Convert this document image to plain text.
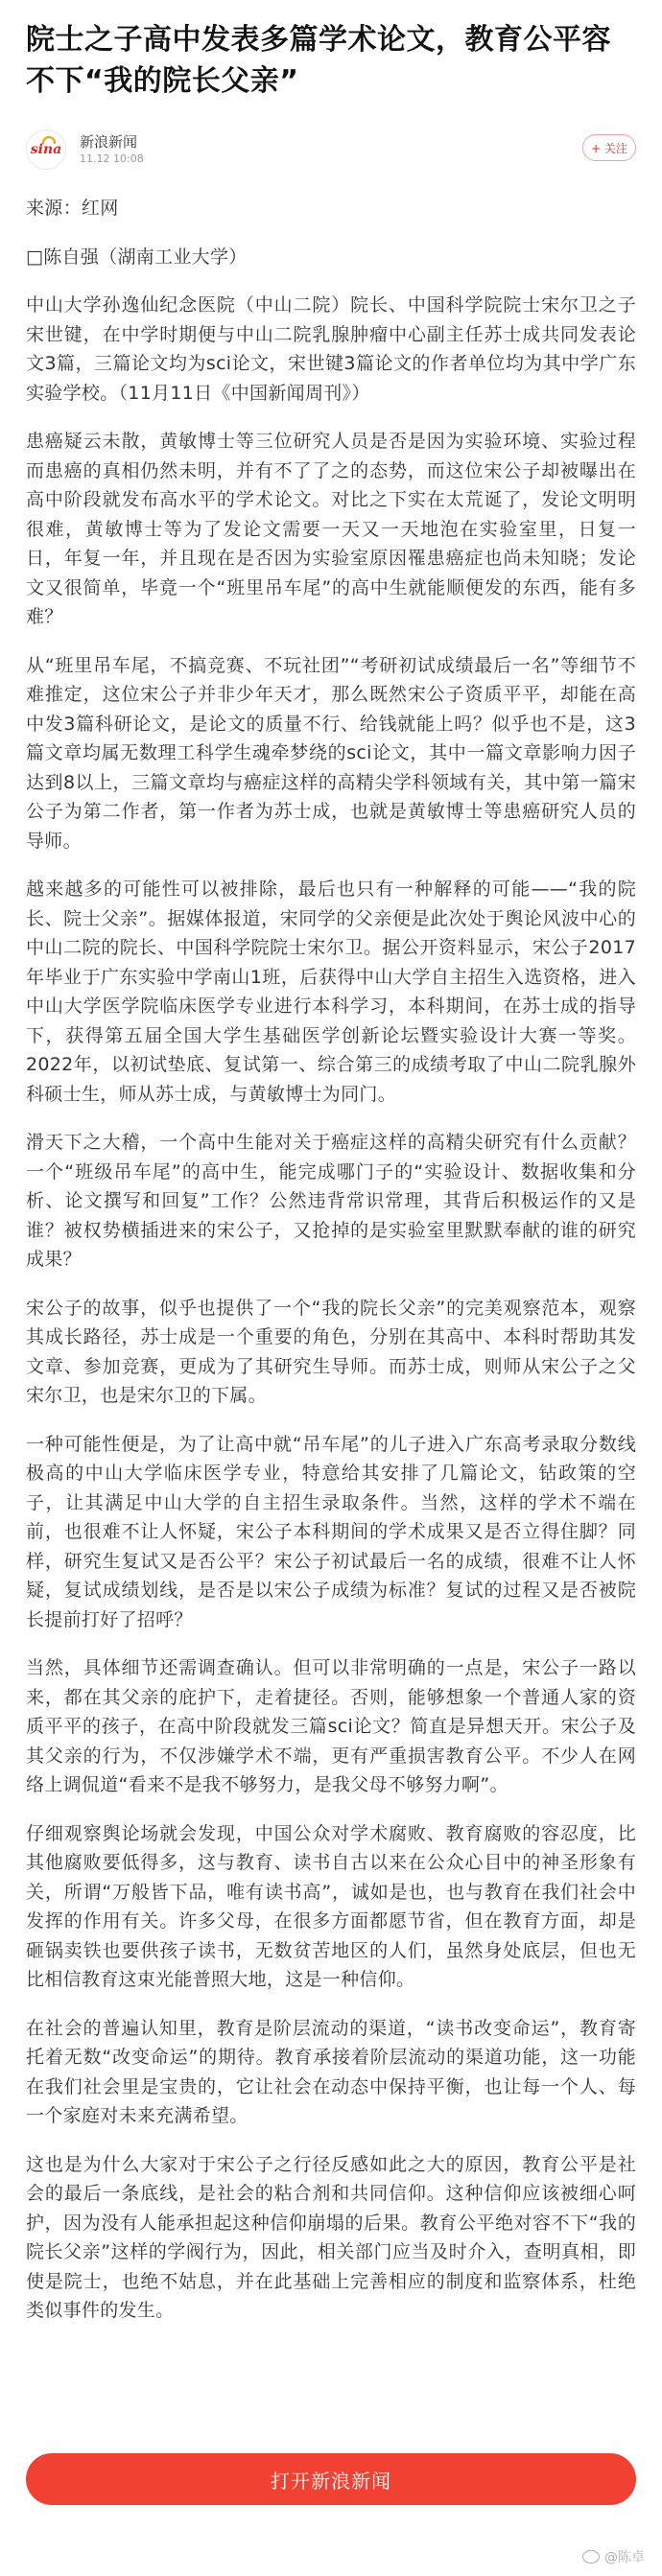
院士之子高中发表多篇学术论文，教育公平容不下“我的院长父亲”
sina 新浪新闻
11.12 10:08
+ 关注

来源：红网

□陈自强（湖南工业大学）

中山大学孙逸仙纪念医院（中山二院）院长、中国科学院院士宋尔卫之子宋世键，在中学时期便与中山二院乳腺肿瘤中心副主任苏士成共同发表论文3篇，三篇论文均为sci论文，宋世键3篇论文的作者单位均为其中学广东实验学校。（11月11日《中国新闻周刊》）

患癌疑云未散，黄敏博士等三位研究人员是否是因为实验环境、实验过程而患癌的真相仍然未明，并有不了了之的态势，而这位宋公子却被曝出在高中阶段就发布高水平的学术论文。对比之下实在太荒诞了，发论文明明很难，黄敏博士等为了发论文需要一天又一天地泡在实验室里，日复一日，年复一年，并且现在是否因为实验室原因罹患癌症也尚未知晓；发论文又很简单，毕竟一个“班里吊车尾”的高中生就能顺便发的东西，能有多难？

从“班里吊车尾，不搞竞赛、不玩社团”“考研初试成绩最后一名”等细节不难推定，这位宋公子并非少年天才，那么既然宋公子资质平平，却能在高中发3篇科研论文，是论文的质量不行、给钱就能上吗？似乎也不是，这3篇文章均属无数理工科学生魂牵梦绕的sci论文，其中一篇文章影响力因子达到8以上，三篇文章均与癌症这样的高精尖学科领域有关，其中第一篇宋公子为第二作者，第一作者为苏士成，也就是黄敏博士等患癌研究人员的导师。

越来越多的可能性可以被排除，最后也只有一种解释的可能——“我的院长、院士父亲”。据媒体报道，宋同学的父亲便是此次处于舆论风波中心的中山二院的院长、中国科学院院士宋尔卫。据公开资料显示，宋公子2017年毕业于广东实验中学南山1班，后获得中山大学自主招生入选资格，进入中山大学医学院临床医学专业进行本科学习，本科期间，在苏士成的指导下，获得第五届全国大学生基础医学创新论坛暨实验设计大赛一等奖。2022年，以初试垫底、复试第一、综合第三的成绩考取了中山二院乳腺外科硕士生，师从苏士成，与黄敏博士为同门。

滑天下之大稽，一个高中生能对关于癌症这样的高精尖研究有什么贡献？一个“班级吊车尾”的高中生，能完成哪门子的“实验设计、数据收集和分析、论文撰写和回复”工作？公然违背常识常理，其背后积极运作的又是谁？被权势横插进来的宋公子，又抢掉的是实验室里默默奉献的谁的研究成果？

宋公子的故事，似乎也提供了一个“我的院长父亲”的完美观察范本，观察其成长路径，苏士成是一个重要的角色，分别在其高中、本科时帮助其发文章、参加竞赛，更成为了其研究生导师。而苏士成，则师从宋公子之父宋尔卫，也是宋尔卫的下属。

一种可能性便是，为了让高中就“吊车尾”的儿子进入广东高考录取分数线极高的中山大学临床医学专业，特意给其安排了几篇论文，钻政策的空子，让其满足中山大学的自主招生录取条件。当然，这样的学术不端在前，也很难不让人怀疑，宋公子本科期间的学术成果又是否立得住脚？同样，研究生复试又是否公平？宋公子初试最后一名的成绩，很难不让人怀疑，复试成绩划线，是否是以宋公子成绩为标准？复试的过程又是否被院长提前打好了招呼？

当然，具体细节还需调查确认。但可以非常明确的一点是，宋公子一路以来，都在其父亲的庇护下，走着捷径。否则，能够想象一个普通人家的资质平平的孩子，在高中阶段就发三篇sci论文？简直是异想天开。宋公子及其父亲的行为，不仅涉嫌学术不端，更有严重损害教育公平。不少人在网络上调侃道“看来不是我不够努力，是我父母不够努力啊”。

仔细观察舆论场就会发现，中国公众对学术腐败、教育腐败的容忍度，比其他腐败要低得多，这与教育、读书自古以来在公众心目中的神圣形象有关，所谓“万般皆下品，唯有读书高”，诚如是也，也与教育在我们社会中发挥的作用有关。许多父母，在很多方面都愿节省，但在教育方面，却是砸锅卖铁也要供孩子读书，无数贫苦地区的人们，虽然身处底层，但也无比相信教育这束光能普照大地，这是一种信仰。

在社会的普遍认知里，教育是阶层流动的渠道，“读书改变命运”，教育寄托着无数“改变命运”的期待。教育承接着阶层流动的渠道功能，这一功能在我们社会里是宝贵的，它让社会在动态中保持平衡，也让每一个人、每一个家庭对未来充满希望。

这也是为什么大家对于宋公子之行径反感如此之大的原因，教育公平是社会的最后一条底线，是社会的粘合剂和共同信仰。这种信仰应该被细心呵护，因为没有人能承担起这种信仰崩塌的后果。教育公平绝对容不下“我的院长父亲”这样的学阀行为，因此，相关部门应当及时介入，查明真相，即使是院士，也绝不姑息，并在此基础上完善相应的制度和监察体系，杜绝类似事件的发生。

打开新浪新闻
@陈卓
